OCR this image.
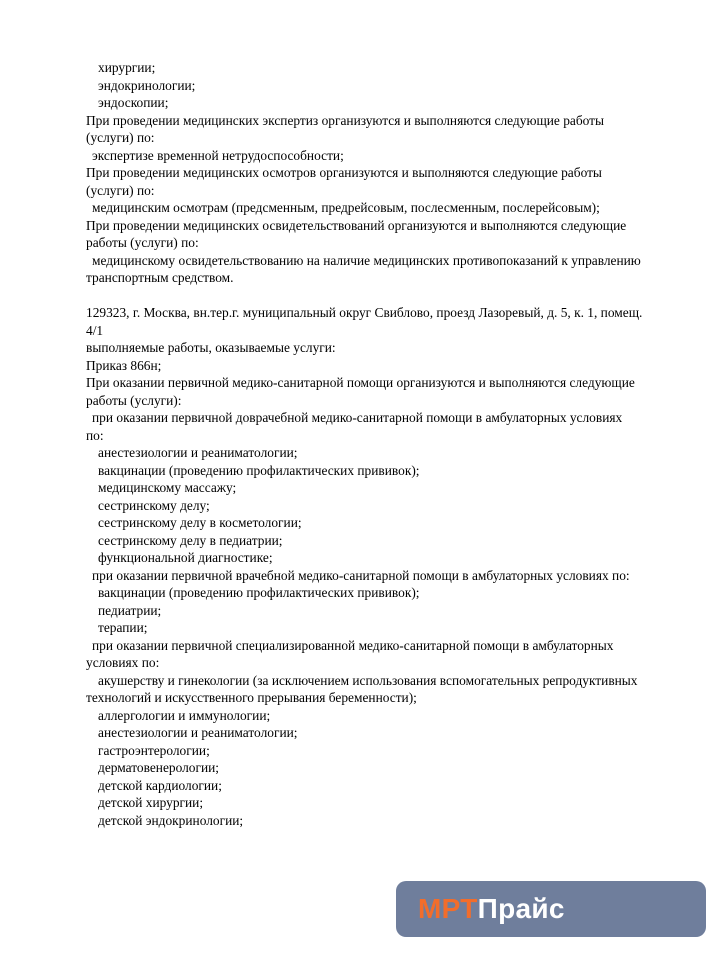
хирургии;
эндокринологии;
эндоскопии;
При проведении медицинских экспертиз организуются и выполняются следующие работы
(услуги) по:
экспертизе временной нетрудоспособности;
При проведении медицинских осмотров организуются и выполняются следующие работы
(услуги) по:
медицинским осмотрам (предсменным, предрейсовым, послесменным, послерейсовым);
При проведении медицинских освидетельствований организуются и выполняются следующие
работы (услуги) по:
медицинскому освидетельствованию на наличие медицинских противопоказаний к управлению
транспортным средством.
129323, г. Москва, вн.тер.г. муниципальный округ Свиблово, проезд Лазоревый, д. 5, к. 1, помещ.
4/1
выполняемые работы, оказываемые услуги:
Приказ 866н;
При оказании первичной медико-санитарной помощи организуются и выполняются следующие
работы (услуги):
при оказании первичной доврачебной медико-санитарной помощи в амбулаторных условиях
по:
анестезиологии и реаниматологии;
вакцинации (проведению профилактических прививок);
медицинскому массажу;
сестринскому делу;
сестринскому делу в косметологии;
сестринскому делу в педиатрии;
функциональной диагностике;
при оказании первичной врачебной медико-санитарной помощи в амбулаторных условиях по:
вакцинации (проведению профилактических прививок);
педиатрии;
терапии;
при оказании первичной специализированной медико-санитарной помощи в амбулаторных
условиях по:
акушерству и гинекологии (за исключением использования вспомогательных репродуктивных
технологий и искусственного прерывания беременности);
аллергологии и иммунологии;
анестезиологии и реаниматологии;
гастроэнтерологии;
дерматовенерологии;
детской кардиологии;
детской хирургии;
детской эндокринологии;
МРТ Прайс
